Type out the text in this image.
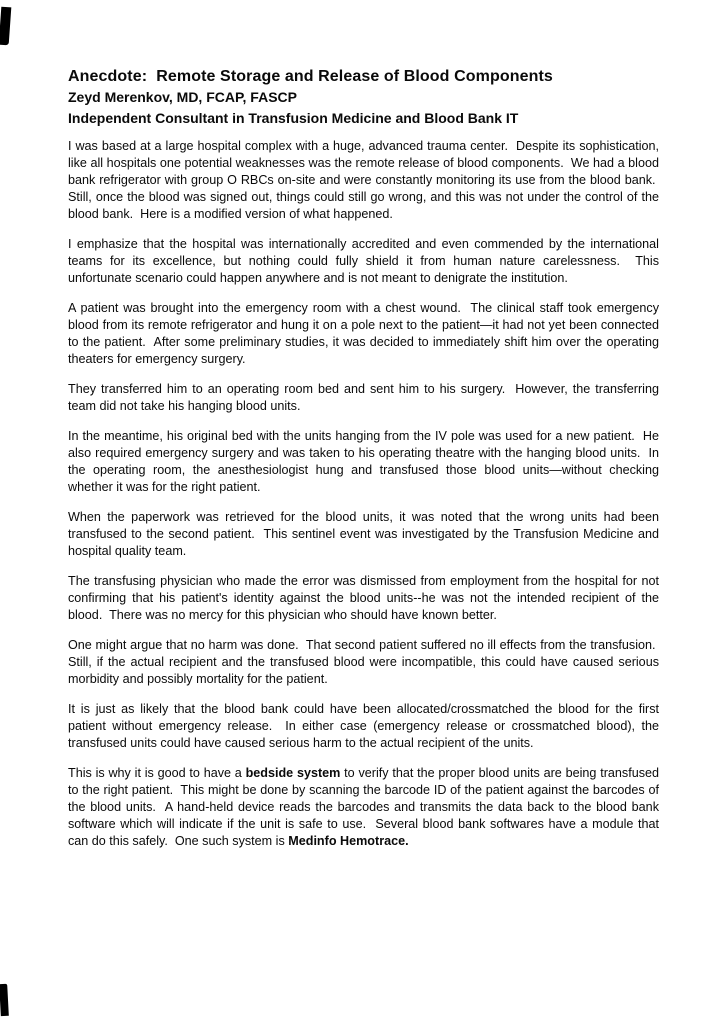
Anecdote:  Remote Storage and Release of Blood Components
Zeyd Merenkov, MD, FCAP, FASCP
Independent Consultant in Transfusion Medicine and Blood Bank IT

I was based at a large hospital complex with a huge, advanced trauma center.  Despite its sophistication, like all hospitals one potential weaknesses was the remote release of blood components.  We had a blood bank refrigerator with group O RBCs on-site and were constantly monitoring its use from the blood bank.  Still, once the blood was signed out, things could still go wrong, and this was not under the control of the blood bank.  Here is a modified version of what happened.

I emphasize that the hospital was internationally accredited and even commended by the international teams for its excellence, but nothing could fully shield it from human nature carelessness.  This unfortunate scenario could happen anywhere and is not meant to denigrate the institution.

A patient was brought into the emergency room with a chest wound.  The clinical staff took emergency blood from its remote refrigerator and hung it on a pole next to the patient—it had not yet been connected to the patient.  After some preliminary studies, it was decided to immediately shift him over the operating theaters for emergency surgery.

They transferred him to an operating room bed and sent him to his surgery.  However, the transferring team did not take his hanging blood units.

In the meantime, his original bed with the units hanging from the IV pole was used for a new patient.  He also required emergency surgery and was taken to his operating theatre with the hanging blood units.  In the operating room, the anesthesiologist hung and transfused those blood units—without checking whether it was for the right patient.

When the paperwork was retrieved for the blood units, it was noted that the wrong units had been transfused to the second patient.  This sentinel event was investigated by the Transfusion Medicine and hospital quality team.

The transfusing physician who made the error was dismissed from employment from the hospital for not confirming that his patient's identity against the blood units--he was not the intended recipient of the blood.  There was no mercy for this physician who should have known better.

One might argue that no harm was done.  That second patient suffered no ill effects from the transfusion.  Still, if the actual recipient and the transfused blood were incompatible, this could have caused serious morbidity and possibly mortality for the patient.

It is just as likely that the blood bank could have been allocated/crossmatched the blood for the first patient without emergency release.  In either case (emergency release or crossmatched blood), the transfused units could have caused serious harm to the actual recipient of the units.

This is why it is good to have a bedside system to verify that the proper blood units are being transfused to the right patient.  This might be done by scanning the barcode ID of the patient against the barcodes of the blood units.  A hand-held device reads the barcodes and transmits the data back to the blood bank software which will indicate if the unit is safe to use.  Several blood bank softwares have a module that can do this safely.  One such system is Medinfo Hemotrace.
